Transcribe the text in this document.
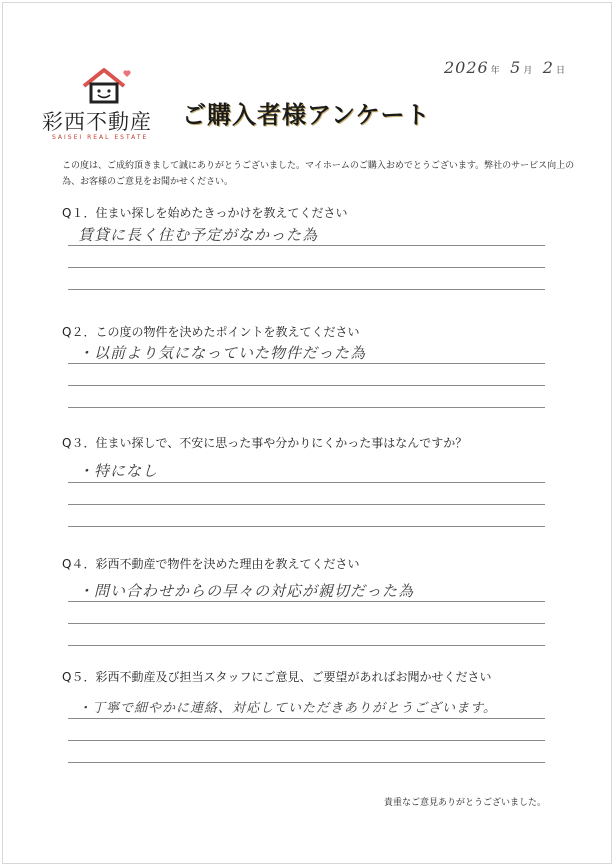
2026 年 5 月 2 日
彩西不動産
SAISEI REAL ESTATE
ご購入者様アンケート
この度は、ご成約頂きまして誠にありがとうございました。マイホームのご購入おめでとうございます。弊社のサービス向上の為、お客様のご意見をお聞かせください。
Q１．住まい探しを始めたきっかけを教えてください
賃貸に長く住む予定がなかった為
Q２．この度の物件を決めたポイントを教えてください
・以前より気になっていた物件だった為
Q３．住まい探しで、不安に思った事や分かりにくかった事はなんですか？
・特になし
Q４．彩西不動産で物件を決めた理由を教えてください
・問い合わせからの早々の対応が親切だった為
Q５．彩西不動産及び担当スタッフにご意見、ご要望があればお聞かせください
・丁寧で細やかに連絡、対応していただきありがとうございます。
貴重なご意見ありがとうございました。
